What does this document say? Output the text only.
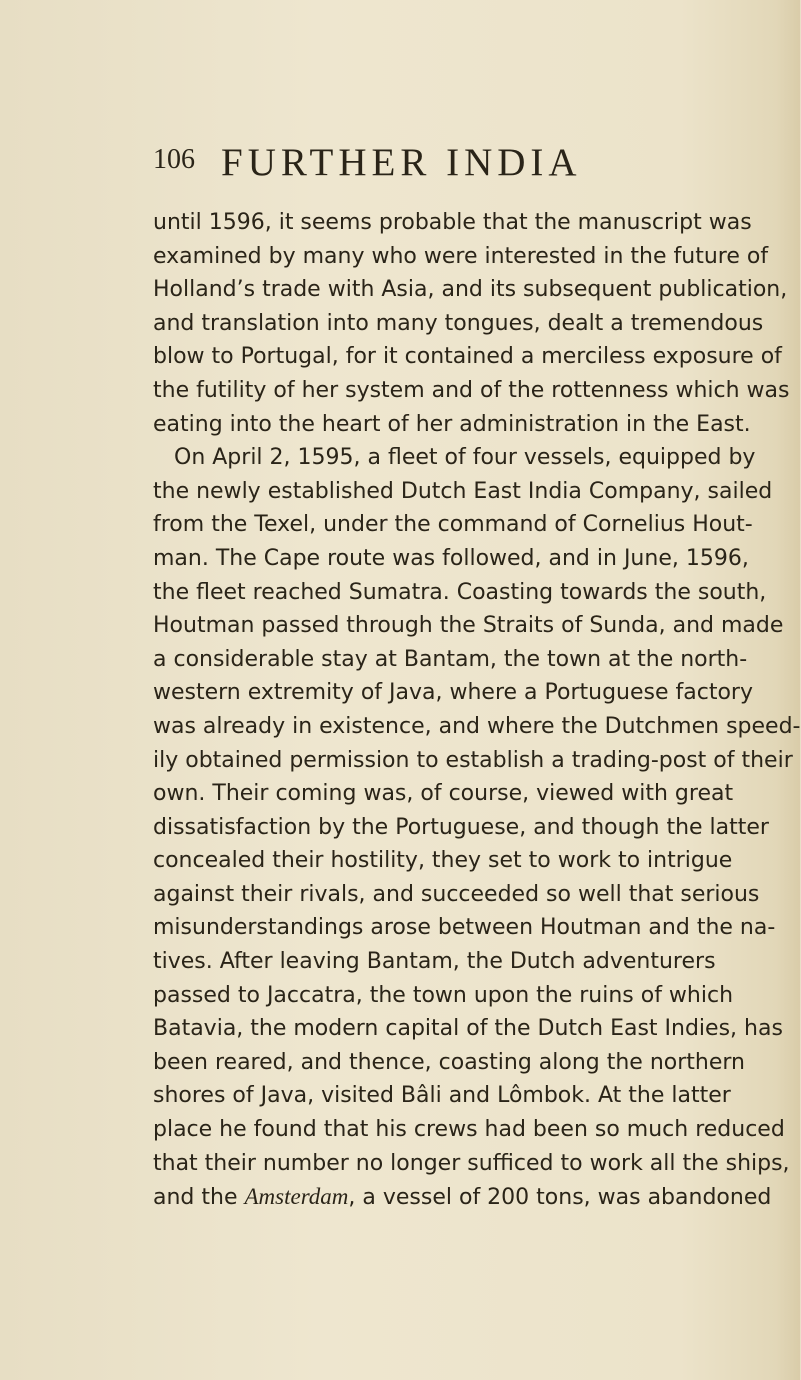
106 FURTHER INDIA
until 1596, it seems probable that the manuscript was
examined by many who were interested in the future of
Holland’s trade with Asia, and its subsequent publication,
and translation into many tongues, dealt a tremendous
blow to Portugal, for it contained a merciless exposure of
the futility of her system and of the rottenness which was
eating into the heart of her administration in the East.
On April 2, 1595, a fleet of four vessels, equipped by
the newly established Dutch East India Company, sailed
from the Texel, under the command of Cornelius Hout-
man. The Cape route was followed, and in June, 1596,
the fleet reached Sumatra. Coasting towards the south,
Houtman passed through the Straits of Sunda, and made
a considerable stay at Bantam, the town at the north-
western extremity of Java, where a Portuguese factory
was already in existence, and where the Dutchmen speed-
ily obtained permission to establish a trading-post of their
own. Their coming was, of course, viewed with great
dissatisfaction by the Portuguese, and though the latter
concealed their hostility, they set to work to intrigue
against their rivals, and succeeded so well that serious
misunderstandings arose between Houtman and the na-
tives. After leaving Bantam, the Dutch adventurers
passed to Jaccatra, the town upon the ruins of which
Batavia, the modern capital of the Dutch East Indies, has
been reared, and thence, coasting along the northern
shores of Java, visited Bâli and Lômbok. At the latter
place he found that his crews had been so much reduced
that their number no longer sufficed to work all the ships,
and the Amsterdam, a vessel of 200 tons, was abandoned
